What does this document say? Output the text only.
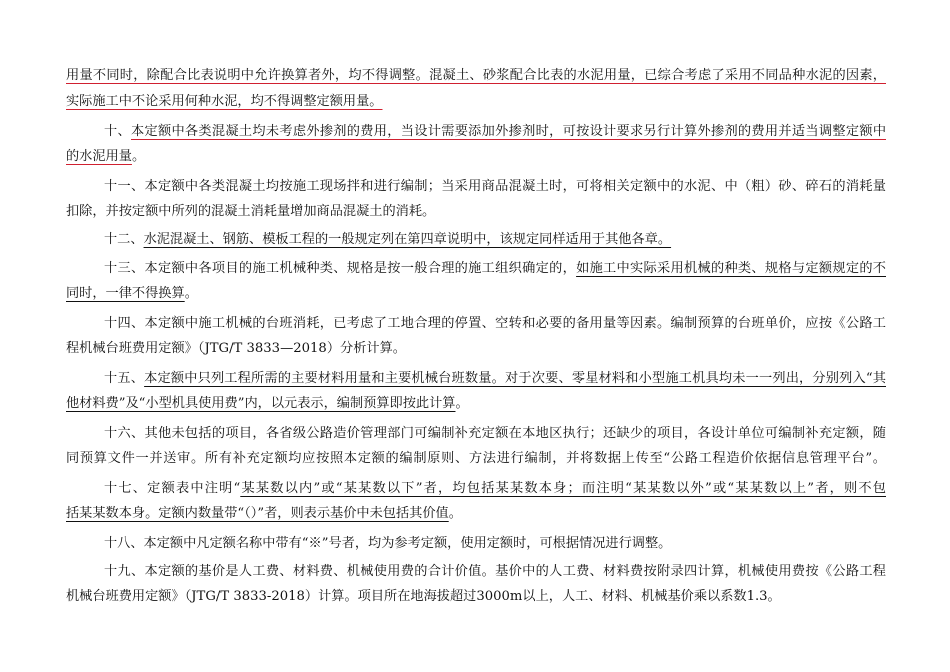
用量不同时，除配合比表说明中允许换算者外，均不得调整。混凝土、砂浆配合比表的水泥用量，已综合考虑了采用不同品种水泥的因素，
实际施工中不论采用何种水泥，均不得调整定额用量。
十、本定额中各类混凝土均未考虑外掺剂的费用，当设计需要添加外掺剂时，可按设计要求另行计算外掺剂的费用并适当调整定额中
的水泥用量。
十一、本定额中各类混凝土均按施工现场拌和进行编制；当采用商品混凝土时，可将相关定额中的水泥、中（粗）砂、碎石的消耗量
扣除，并按定额中所列的混凝土消耗量增加商品混凝土的消耗。
十二、水泥混凝土、钢筋、模板工程的一般规定列在第四章说明中，该规定同样适用于其他各章。
十三、本定额中各项目的施工机械种类、规格是按一般合理的施工组织确定的，如施工中实际采用机械的种类、规格与定额规定的不
同时，一律不得换算。
十四、本定额中施工机械的台班消耗，已考虑了工地合理的停置、空转和必要的备用量等因素。编制预算的台班单价，应按《公路工
程机械台班费用定额》（JTG/T 3833—2018）分析计算。
十五、本定额中只列工程所需的主要材料用量和主要机械台班数量。对于次要、零星材料和小型施工机具均未一一列出，分别列入“其
他材料费”及“小型机具使用费”内，以元表示，编制预算即按此计算。
十六、其他未包括的项目，各省级公路造价管理部门可编制补充定额在本地区执行；还缺少的项目，各设计单位可编制补充定额，随
同预算文件一并送审。所有补充定额均应按照本定额的编制原则、方法进行编制，并将数据上传至“公路工程造价依据信息管理平台”。
十七、定额表中注明“某某数以内”或“某某数以下”者，均包括某某数本身；而注明“某某数以外”或“某某数以上”者，则不包
括某某数本身。定额内数量带“（）”者，则表示基价中未包括其价值。
十八、本定额中凡定额名称中带有“※”号者，均为参考定额，使用定额时，可根据情况进行调整。
十九、本定额的基价是人工费、材料费、机械使用费的合计价值。基价中的人工费、材料费按附录四计算，机械使用费按《公路工程
机械台班费用定额》（JTG/T 3833-2018）计算。项目所在地海拔超过3000m以上，人工、材料、机械基价乘以系数1.3。
